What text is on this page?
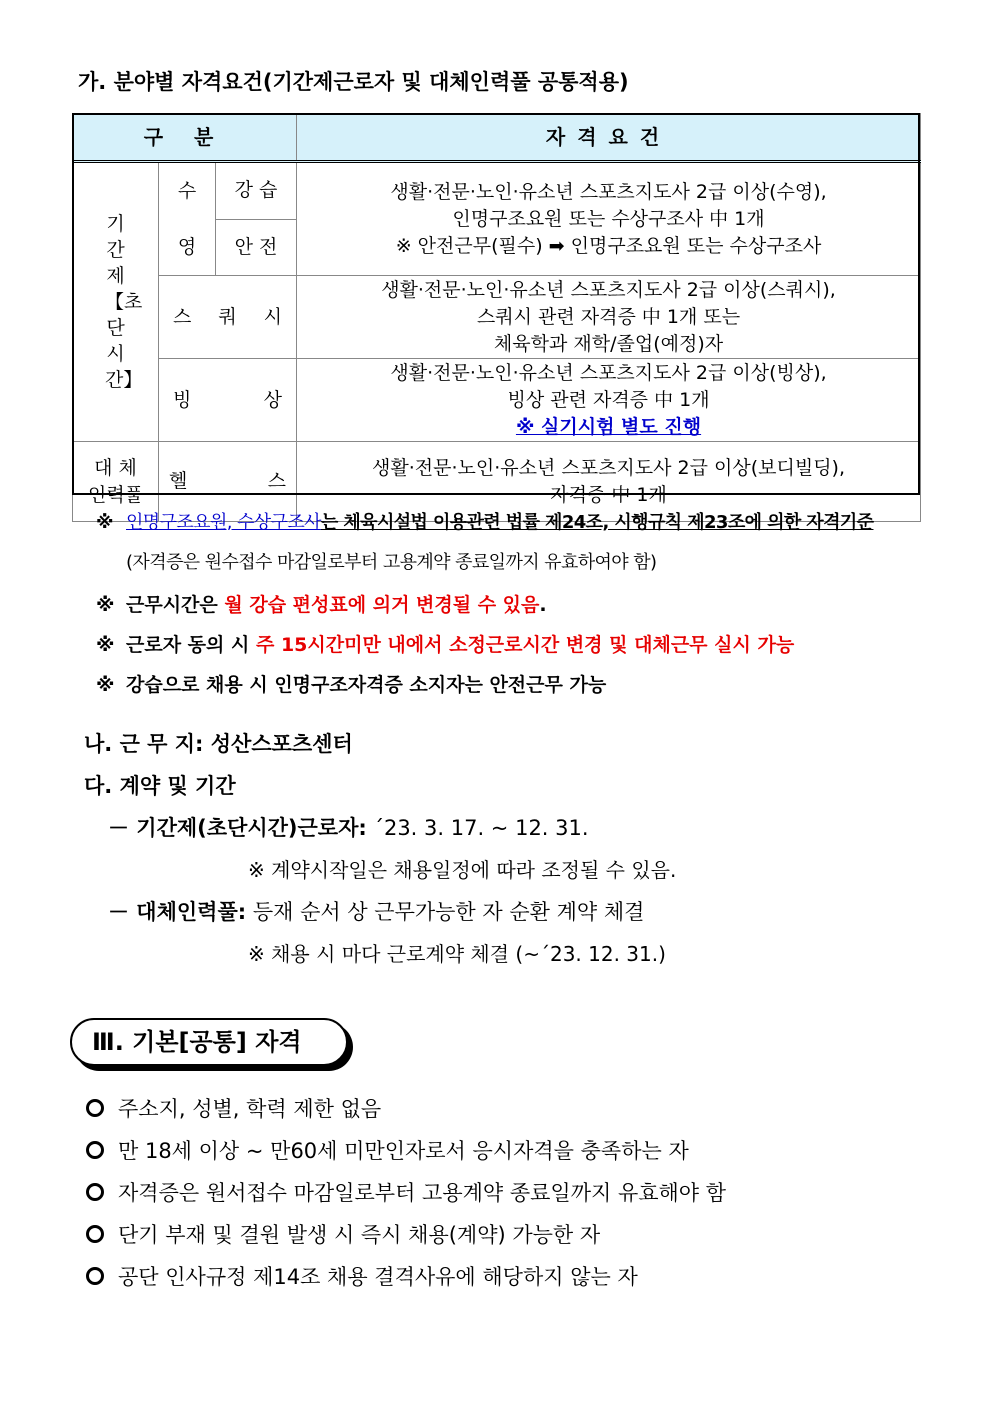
가. 분야별 자격요건(기간제근로자 및 대체인력풀 공통적용)
구 분			자격요건
기간제【초단시간】	수영	강 습	생활·전문·노인·유소년 스포츠지도사 2급 이상(수영),
인명구조요원 또는 수상구조사 中 1개
※ 안전근무(필수) ➡ 인명구조요원 또는 수상구조사

		안 전	

	스 쿼 시		생활·전문·노인·유소년 스포츠지도사 2급 이상(스쿼시),
스쿼시 관련 자격증 中 1개 또는
체육학과 재학/졸업(예정)자

	빙 상		생활·전문·노인·유소년 스포츠지도사 2급 이상(빙상),
빙상 관련 자격증 中 1개
※ 실기시험 별도 진행

대 체
인력풀	헬 스		생활·전문·노인·유소년 스포츠지도사 2급 이상(보디빌딩),
자격증 中 1개
※ 인명구조요원, 수상구조사는 체육시설법 이용관련 법률 제24조, 시행규칙 제23조에 의한 자격기준
(자격증은 원수접수 마감일로부터 고용계약 종료일까지 유효하여야 함)
※ 근무시간은 월 강습 편성표에 의거 변경될 수 있음.
※ 근로자 동의 시 주 15시간미만 내에서 소정근로시간 변경 및 대체근무 실시 가능
※ 강습으로 채용 시 인명구조자격증 소지자는 안전근무 가능
나. 근 무 지: 성산스포츠센터
다. 계약 및 기간
－ 기간제(초단시간)근로자: ´23. 3. 17. ~ 12. 31.
※ 계약시작일은 채용일정에 따라 조정될 수 있음.
－ 대체인력풀: 등재 순서 상 근무가능한 자 순환 계약 체결
※ 채용 시 마다 근로계약 체결 (~´23. 12. 31.)
Ⅲ. 기본[공통] 자격
주소지, 성별, 학력 제한 없음
만 18세 이상 ~ 만60세 미만인자로서 응시자격을 충족하는 자
자격증은 원서접수 마감일로부터 고용계약 종료일까지 유효해야 함
단기 부재 및 결원 발생 시 즉시 채용(계약) 가능한 자
공단 인사규정 제14조 채용 결격사유에 해당하지 않는 자
